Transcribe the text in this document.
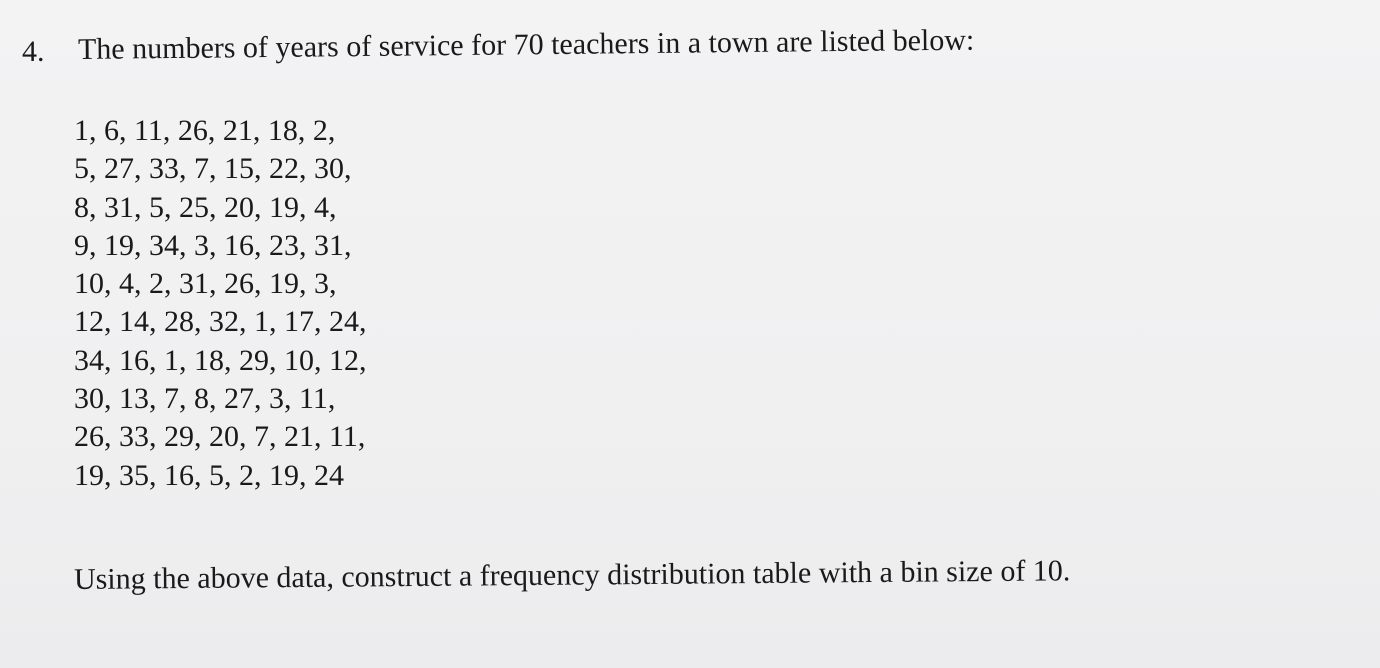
4. The numbers of years of service for 70 teachers in a town are listed below:
1, 6, 11, 26, 21, 18, 2,
5, 27, 33, 7, 15, 22, 30,
8, 31, 5, 25, 20, 19, 4,
9, 19, 34, 3, 16, 23, 31,
10, 4, 2, 31, 26, 19, 3,
12, 14, 28, 32, 1, 17, 24,
34, 16, 1, 18, 29, 10, 12,
30, 13, 7, 8, 27, 3, 11,
26, 33, 29, 20, 7, 21, 11,
19, 35, 16, 5, 2, 19, 24
Using the above data, construct a frequency distribution table with a bin size of 10.
